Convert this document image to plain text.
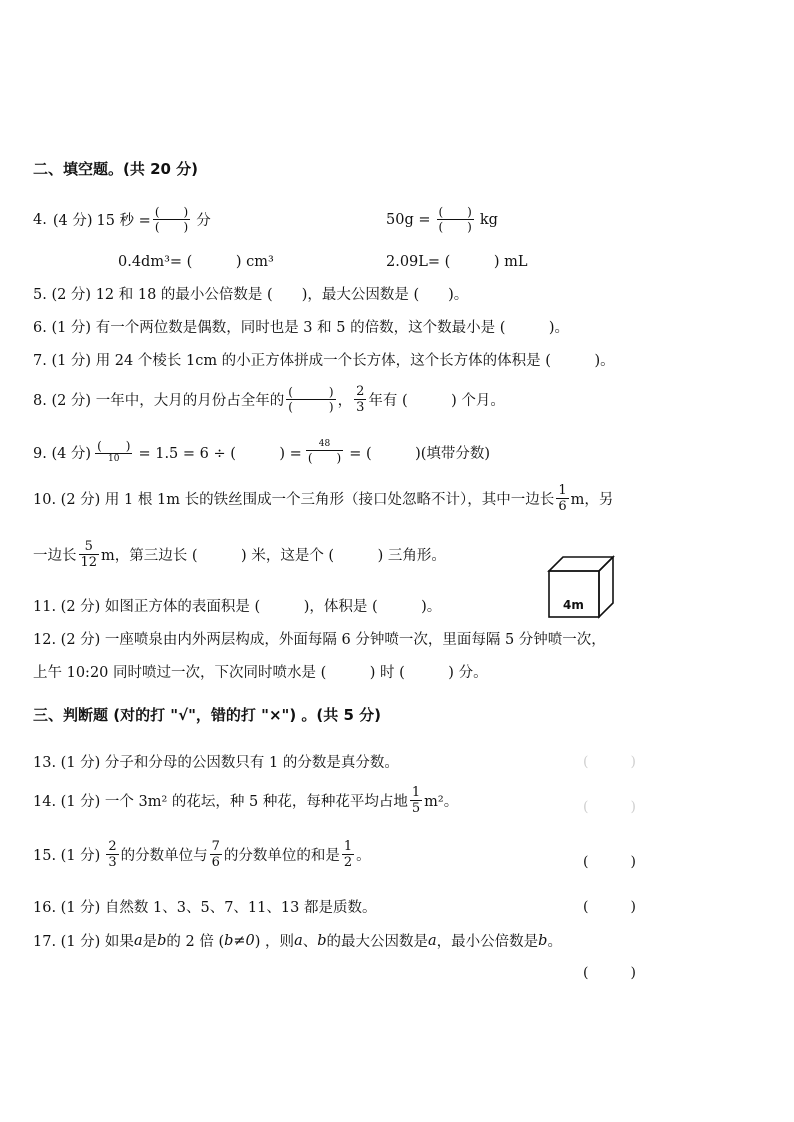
二、填空题。(共 20 分)
4. (4 分) 15 秒 = $\frac{( )}{( )}$ 分	$50g = \frac{( )}{( )}$ kg
0.4dm³= (　　　) cm³	2.09L= (　　　) mL
5. (2 分) 12 和 18 的最小公倍数是 (　　)，最大公因数是 (　　)。
6. (1 分) 有一个两位数是偶数，同时也是 3 和 5 的倍数，这个数最小是 (　　　)。
7. (1 分) 用 24 个棱长 1cm 的小正方体拼成一个长方体，这个长方体的体积是 (　　　)。
8. (2 分) 一年中，大月的月份占全年的 $\frac{( )}{( )}$ ， $\frac{2}{3}$ 年有 (　　　) 个月。
9. (4 分) $\frac{( )}{10} = 1.5 = 6$ ÷ (　　　) = $\frac{48}{( )}$ = (　　　)(填带分数)
10. (2 分) 用 1 根 1m 长的铁丝围成一个三角形（接口处忽略不计），其中一边长 $\frac{1}{6}$ m，另
一边长 $\frac{5}{12}$ m，第三边长 (　　　) 米，这是个 (　　　) 三角形。
4m
11. (2 分) 如图正方体的表面积是 (　　　)，体积是 (　　　)。
12. (2 分) 一座喷泉由内外两层构成，外面每隔 6 分钟喷一次，里面每隔 5 分钟喷一次，
上午 10:20 同时喷过一次，下次同时喷水是 (　　　) 时 (　　　) 分。
三、判断题 (对的打 "√"，错的打 "×") 。(共 5 分)
13. (1 分) 分子和分母的公因数只有 1 的分数是真分数。	(　　　)
14. (1 分) 一个 3m² 的花坛，种 5 种花，每种花平均占地 $\frac{1}{5} m^2$。	(　　　)
15. (1 分) $\frac{2}{3}$ 的分数单位与 $\frac{7}{6}$ 的分数单位的和是 $\frac{1}{2}$ 。	(　　　)
16. (1 分) 自然数 1、3、5、7、11、13 都是质数。	(　　　)
17. (1 分) 如果 a 是 b 的 2 倍 ( b≠0 ) ，则 a 、 b 的最大公因数是 a ，最小公倍数是 b 。
(　　　)
